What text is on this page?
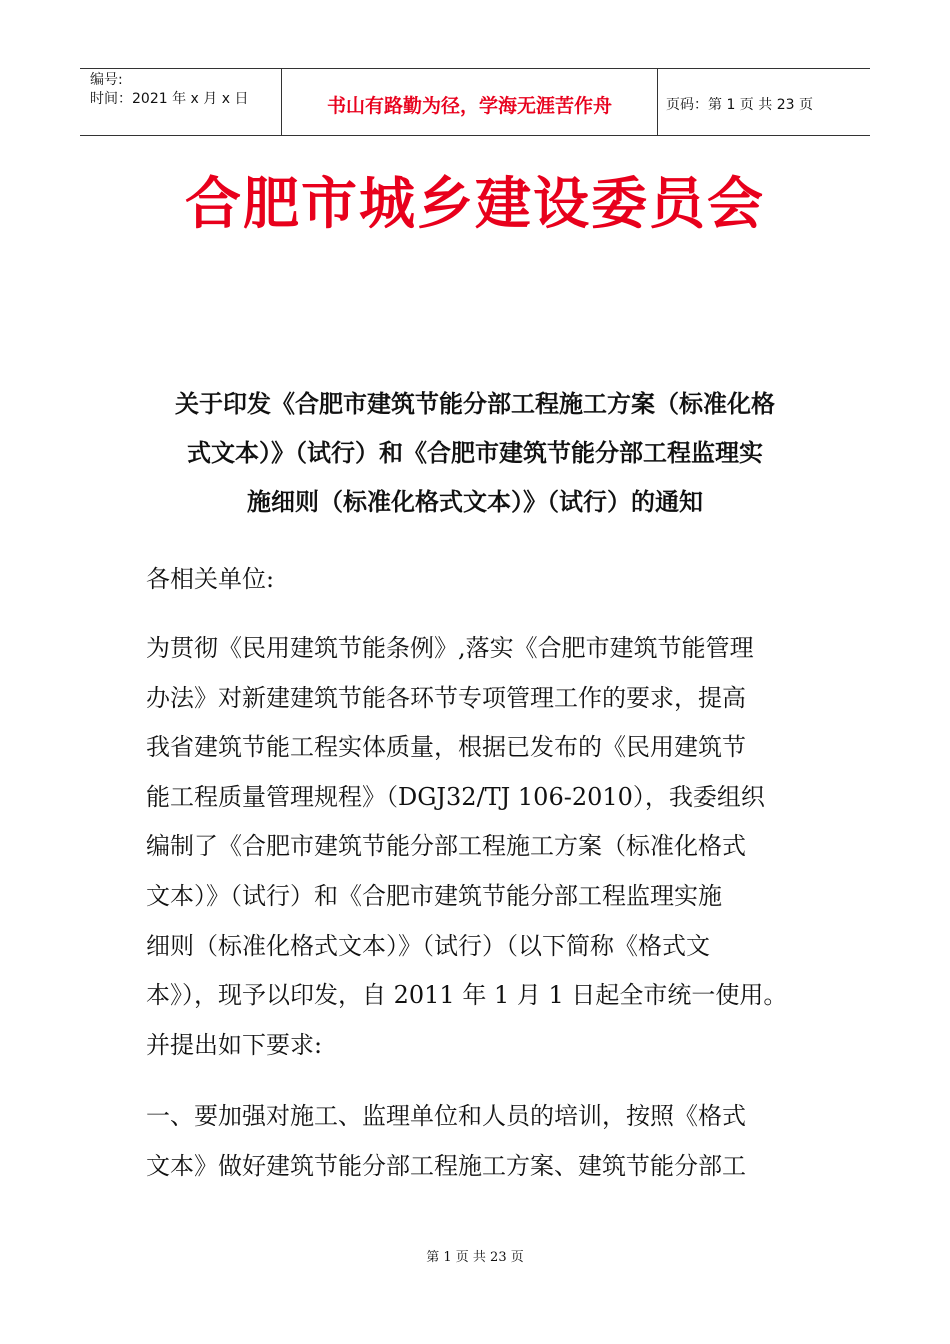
编号:
时间：2021 年 x 月 x 日	书山有路勤为径，学海无涯苦作舟	页码：第 1 页 共 23 页
合肥市城乡建设委员会
关于印发《合肥市建筑节能分部工程施工方案（标准化格
式文本）》（试行）和《合肥市建筑节能分部工程监理实
施细则（标准化格式文本）》（试行）的通知
各相关单位:
为贯彻《民用建筑节能条例》,落实《合肥市建筑节能管理
办法》对新建建筑节能各环节专项管理工作的要求，提高
我省建筑节能工程实体质量，根据已发布的《民用建筑节
能工程质量管理规程》（DGJ32/TJ 106-2010），我委组织
编制了《合肥市建筑节能分部工程施工方案（标准化格式
文本）》（试行）和《合肥市建筑节能分部工程监理实施
细则（标准化格式文本）》（试行）（以下简称《格式文
本》），现予以印发，自 2011 年 1 月 1 日起全市统一使用。
并提出如下要求:
一、要加强对施工、监理单位和人员的培训，按照《格式
文本》做好建筑节能分部工程施工方案、建筑节能分部工
第 1 页 共 23 页
